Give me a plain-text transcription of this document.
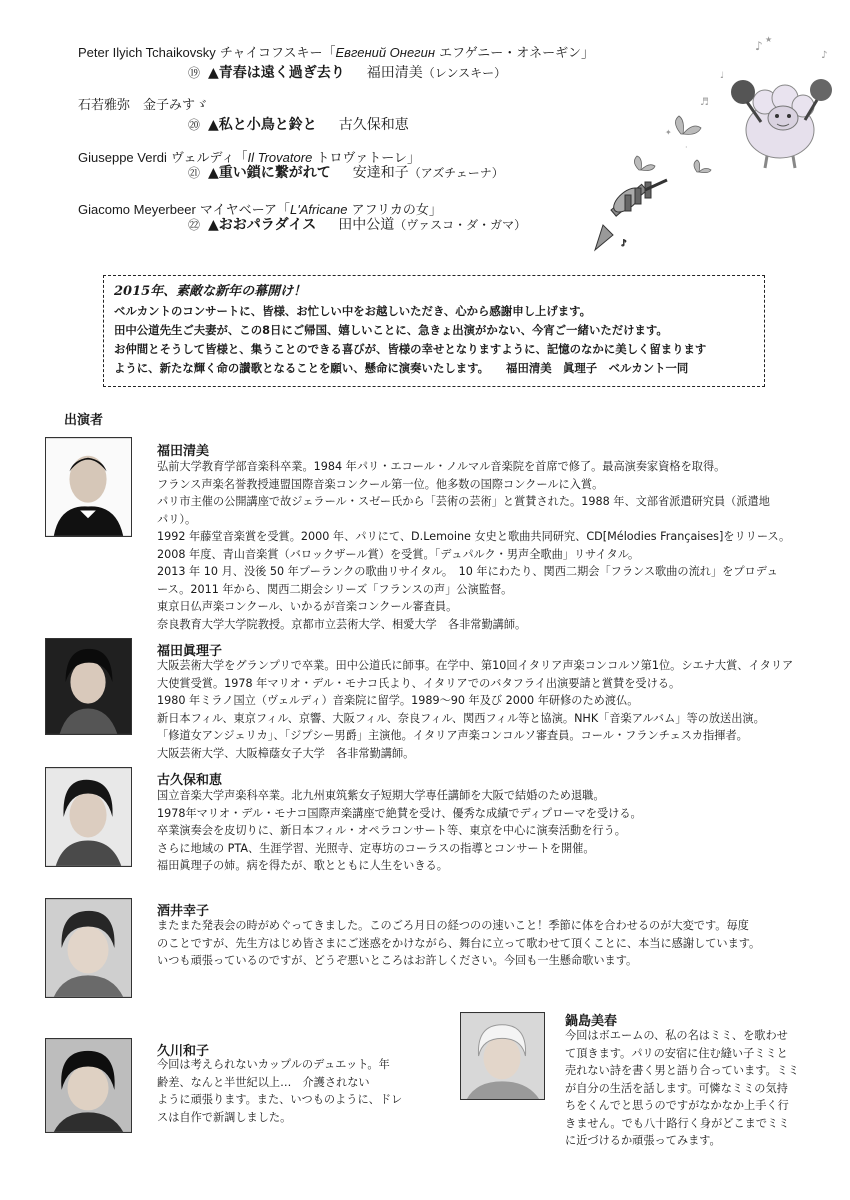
Peter Ilyich Tchaikovsky チャイコフスキー「Евгений Онегин エフゲニー・オネーギン」
⑲ ▲青春は遠く過ぎ去り 福田清美（レンスキー）
石若雅弥　金子みすゞ
⑳ ▲私と小鳥と鈴と 古久保和恵
Giuseppe Verdi ヴェルディ「Il Trovatore トロヴァトーレ」
㉑ ▲重い鎖に繋がれて 安達和子（アズチェーナ）
Giacomo Meyerbeer マイヤベーア「L'Africane アフリカの女」
㉒ ▲おおパラダイス 田中公道（ヴァスコ・ダ・ガマ）
♪
♩
♬
★
♪
✦
·
♪
2015年、素敵な新年の幕開け！
ベルカントのコンサートに、皆様、お忙しい中をお越しいただき、心から感謝申し上げます。
田中公道先生ご夫妻が、この8日にご帰国、嬉しいことに、急きょ出演がかない、今宵ご一緒いただけます。
お仲間とそうして皆様と、集うことのできる喜びが、皆様の幸せとなりますように、記憶のなかに美しく留まります
ように、新たな輝く命の讃歌となることを願い、懸命に演奏いたします。　　福田清美　眞理子　ベルカント一同
出演者
福田清美

弘前大学教育学部音楽科卒業。1984 年パリ・エコール・ノルマル音楽院を首席で修了。最高演奏家資格を取得。

フランス声楽名誉教授連盟国際音楽コンクール第一位。他多数の国際コンクールに入賞。

パリ市主催の公開講座で故ジェラール・スゼー氏から「芸術の芸術」と賞賛された。1988 年、文部省派遣研究員（派遣地

パリ）。

1992 年藤堂音楽賞を受賞。2000 年、パリにて、D.Lemoine 女史と歌曲共同研究、CD[Mélodies Françaises]をリリース。

2008 年度、青山音楽賞（バロックザール賞）を受賞。「デュパルク・男声全歌曲」リサイタル。

2013 年 10 月、没後 50 年プーランクの歌曲リサイタル。　10 年にわたり、関西二期会「フランス歌曲の流れ」をプロデュ

ース。2011 年から、関西二期会シリーズ「フランスの声」公演監督。

東京日仏声楽コンクール、いかるが音楽コンクール審査員。

奈良教育大学大学院教授。京都市立芸術大学、相愛大学　各非常勤講師。

福田眞理子

大阪芸術大学をグランプリで卒業。田中公道氏に師事。在学中、第10回イタリア声楽コンコルソ第1位。シエナ大賞、イタリア

大使賞受賞。1978 年マリオ・デル・モナコ氏より、イタリアでのバタフライ出演要請と賞賛を受ける。

1980 年ミラノ国立（ヴェルディ）音楽院に留学。1989～90 年及び 2000 年研修のため渡仏。

新日本フィル、東京フィル、京響、大阪フィル、奈良フィル、関西フィル等と協演。NHK「音楽アルバム」等の放送出演。

「修道女アンジェリカ」、「ジプシー男爵」主演他。イタリア声楽コンコルソ審査員。コール・フランチェスカ指揮者。

大阪芸術大学、大阪樟蔭女子大学　各非常勤講師。

古久保和恵

国立音楽大学声楽科卒業。北九州東筑紫女子短期大学専任講師を大阪で結婚のため退職。

1978年マリオ・デル・モナコ国際声楽講座で絶賛を受け、優秀な成績でディプローマを受ける。

卒業演奏会を皮切りに、新日本フィル・オペラコンサート等、東京を中心に演奏活動を行う。

さらに地域の PTA、生涯学習、光照寺、定専坊のコーラスの指導とコンサートを開催。

福田眞理子の姉。病を得たが、歌とともに人生をいきる。

酒井幸子

またまた発表会の時がめぐってきました。このごろ月日の経つのの速いこと！季節に体を合わせるのが大変です。毎度

のことですが、先生方はじめ皆さまにご迷惑をかけながら、舞台に立って歌わせて頂くことに、本当に感謝しています。

いつも頑張っているのですが、どうぞ悪いところはお許しください。今回も一生懸命歌います。

久川和子

今回は考えられないカップルのデュエット。年

齢差、なんと半世紀以上…　介護されない

ように頑張ります。また、いつものように、ドレ

スは自作で新調しました。

鍋島美春

今回はボエームの、私の名はミミ、を歌わせ

て頂きます。パリの安宿に住む縫い子ミミと

売れない詩を書く男と語り合っています。ミミ

が自分の生活を話します。可憐なミミの気持

ちをくんでと思うのですがなかなか上手く行

きません。でも八十路行く身がどこまでミミ

に近づけるか頑張ってみます。
